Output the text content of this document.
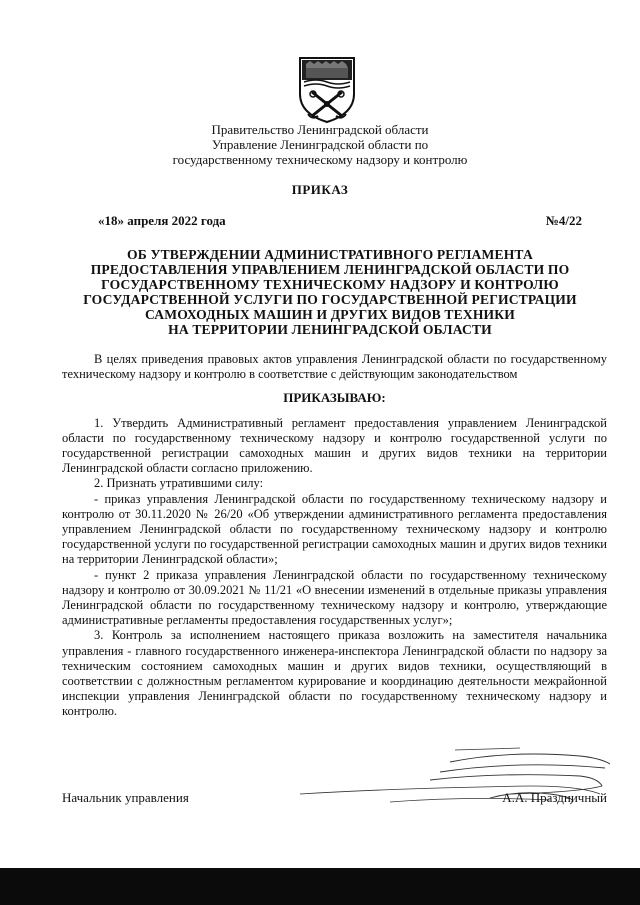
Правительство Ленинградской области
Управление Ленинградской области по
государственному техническому надзору и контролю
ПРИКАЗ
«18» апреля 2022 года	№4/22
ОБ УТВЕРЖДЕНИИ АДМИНИСТРАТИВНОГО РЕГЛАМЕНТА
ПРЕДОСТАВЛЕНИЯ УПРАВЛЕНИЕМ ЛЕНИНГРАДСКОЙ ОБЛАСТИ ПО
ГОСУДАРСТВЕННОМУ ТЕХНИЧЕСКОМУ НАДЗОРУ И КОНТРОЛЮ
ГОСУДАРСТВЕННОЙ УСЛУГИ ПО ГОСУДАРСТВЕННОЙ РЕГИСТРАЦИИ
САМОХОДНЫХ МАШИН И ДРУГИХ ВИДОВ ТЕХНИКИ
НА ТЕРРИТОРИИ ЛЕНИНГРАДСКОЙ ОБЛАСТИ

В целях приведения правовых актов управления Ленинградской области по государственному техническому надзору и контролю в соответствие с действующим законодательством

ПРИКАЗЫВАЮ:

1. Утвердить Административный регламент предоставления управлением Ленинградской области по государственному техническому надзору и контролю государственной услуги по государственной регистрации самоходных машин и других видов техники на территории Ленинградской области согласно приложению.

2. Признать утратившими силу:

- приказ управления Ленинградской области по государственному техническому надзору и контролю от 30.11.2020 № 26/20 «Об утверждении административного регламента предоставления управлением Ленинградской области по государственному техническому надзору и контролю государственной услуги по государственной регистрации самоходных машин и других видов техники на территории Ленинградской области»;

- пункт 2 приказа управления Ленинградской области по государственному техническому надзору и контролю от 30.09.2021 № 11/21 «О внесении изменений в отдельные приказы управления Ленинградской области по государственному техническому надзору и контролю, утверждающие административные регламенты предоставления государственных услуг»;

3. Контроль за исполнением настоящего приказа возложить на заместителя начальника управления - главного государственного инженера-инспектора Ленинградской области по надзору за техническим состоянием самоходных машин и других видов техники, осуществляющий в соответствии с должностным регламентом курирование и координацию деятельности межрайонной инспекции управления Ленинградской области по государственному техническому надзору и контролю.

Начальник управления	А.А. Праздничный
